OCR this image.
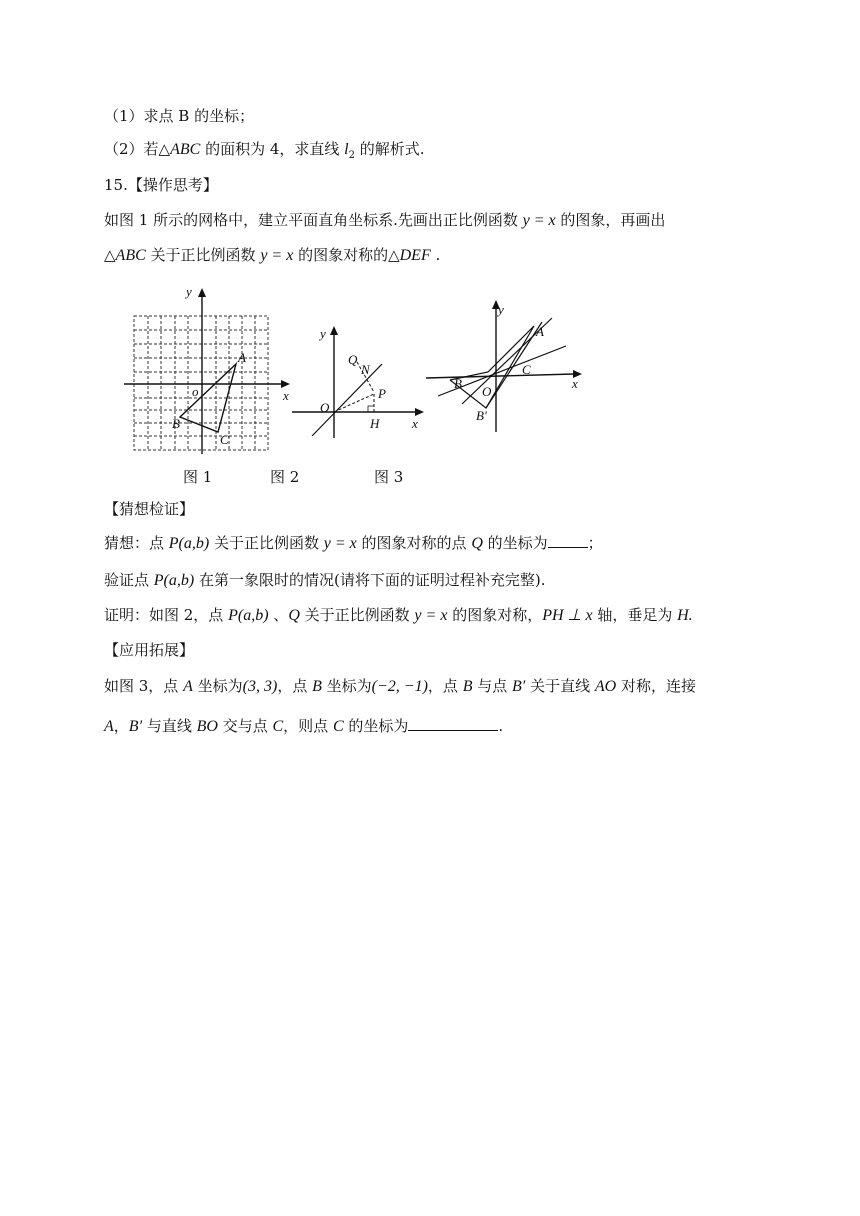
（1）求点 B 的坐标；
（2）若△ABC 的面积为 4，求直线 $l_2$ 的解析式.
15.【操作思考】
如图 1 所示的网格中，建立平面直角坐标系.先画出正比例函数 y = x 的图象，再画出
△ABC 关于正比例函数 y = x 的图象对称的△DEF .
y
x
o
A
B
C
y
x
O
Q
N
P
H
y
x
A
B
C
O
B′
图 1	图 2	图 3
【猜想检证】
猜想：点 P(a,b) 关于正比例函数 y = x 的图象对称的点 Q 的坐标为	；
验证点 P(a,b) 在第一象限时的情况(请将下面的证明过程补充完整).
证明：如图 2，点 P(a,b) 、Q 关于正比例函数 y = x 的图象对称，PH ⊥ x 轴，垂足为 H.
【应用拓展】
如图 3，点 A 坐标为(3, 3)，点 B 坐标为(−2, −1)，点 B 与点 B′ 关于直线 AO 对称，连接
A，B′ 与直线 BO 交与点 C，则点 C 的坐标为	.
